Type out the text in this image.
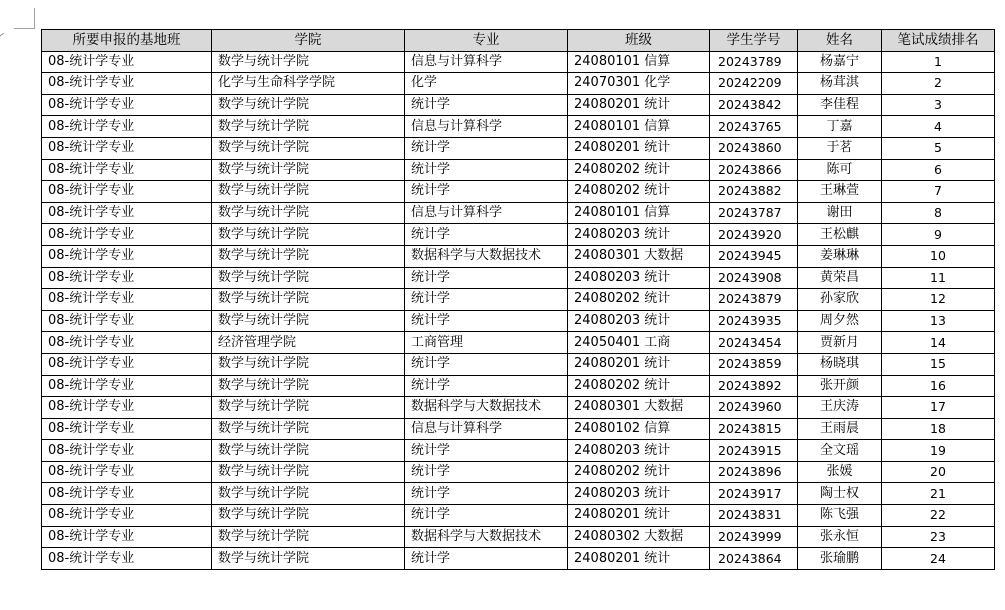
所要申报的基地班	学院	专业	班级	学生学号	姓名	笔试成绩排名
08-统计学专业	数学与统计学院	信息与计算科学	24080101 信算	20243789	杨嘉宁	1
08-统计学专业	化学与生命科学学院	化学	24070301 化学	20242209	杨茸淇	2
08-统计学专业	数学与统计学院	统计学	24080201 统计	20243842	李佳程	3
08-统计学专业	数学与统计学院	信息与计算科学	24080101 信算	20243765	丁嘉	4
08-统计学专业	数学与统计学院	统计学	24080201 统计	20243860	于茗	5
08-统计学专业	数学与统计学院	统计学	24080202 统计	20243866	陈可	6
08-统计学专业	数学与统计学院	统计学	24080202 统计	20243882	王琳萱	7
08-统计学专业	数学与统计学院	信息与计算科学	24080101 信算	20243787	谢田	8
08-统计学专业	数学与统计学院	统计学	24080203 统计	20243920	王松麒	9
08-统计学专业	数学与统计学院	数据科学与大数据技术	24080301 大数据	20243945	姜琳琳	10
08-统计学专业	数学与统计学院	统计学	24080203 统计	20243908	黄荣昌	11
08-统计学专业	数学与统计学院	统计学	24080202 统计	20243879	孙家欣	12
08-统计学专业	数学与统计学院	统计学	24080203 统计	20243935	周夕然	13
08-统计学专业	经济管理学院	工商管理	24050401 工商	20243454	贾新月	14
08-统计学专业	数学与统计学院	统计学	24080201 统计	20243859	杨晓琪	15
08-统计学专业	数学与统计学院	统计学	24080202 统计	20243892	张开颜	16
08-统计学专业	数学与统计学院	数据科学与大数据技术	24080301 大数据	20243960	王庆涛	17
08-统计学专业	数学与统计学院	信息与计算科学	24080102 信算	20243815	王雨晨	18
08-统计学专业	数学与统计学院	统计学	24080203 统计	20243915	全文瑶	19
08-统计学专业	数学与统计学院	统计学	24080202 统计	20243896	张媛	20
08-统计学专业	数学与统计学院	统计学	24080203 统计	20243917	陶士权	21
08-统计学专业	数学与统计学院	统计学	24080201 统计	20243831	陈飞强	22
08-统计学专业	数学与统计学院	数据科学与大数据技术	24080302 大数据	20243999	张永恒	23
08-统计学专业	数学与统计学院	统计学	24080201 统计	20243864	张瑜鹏	24
